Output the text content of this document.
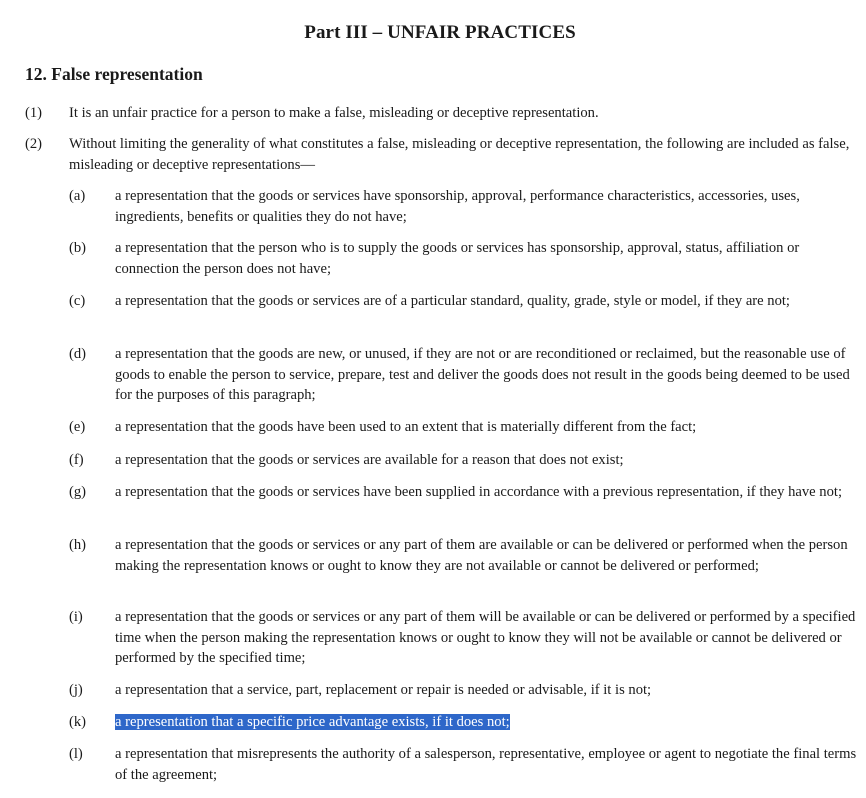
Part III – UNFAIR PRACTICES
12. False representation
(1) It is an unfair practice for a person to make a false, misleading or deceptive representation.
(2) Without limiting the generality of what constitutes a false, misleading or deceptive representation, the following are included as false, misleading or deceptive representations—
(a) a representation that the goods or services have sponsorship, approval, performance characteristics, accessories, uses, ingredients, benefits or qualities they do not have;
(b) a representation that the person who is to supply the goods or services has sponsorship, approval, status, affiliation or connection the person does not have;
(c) a representation that the goods or services are of a particular standard, quality, grade, style or model, if they are not;
(d) a representation that the goods are new, or unused, if they are not or are reconditioned or reclaimed, but the reasonable use of goods to enable the person to service, prepare, test and deliver the goods does not result in the goods being deemed to be used for the purposes of this paragraph;
(e) a representation that the goods have been used to an extent that is materially different from the fact;
(f) a representation that the goods or services are available for a reason that does not exist;
(g) a representation that the goods or services have been supplied in accordance with a previous representation, if they have not;
(h) a representation that the goods or services or any part of them are available or can be delivered or performed when the person making the representation knows or ought to know they are not available or cannot be delivered or performed;
(i) a representation that the goods or services or any part of them will be available or can be delivered or performed by a specified time when the person making the representation knows or ought to know they will not be available or cannot be delivered or performed by the specified time;
(j) a representation that a service, part, replacement or repair is needed or advisable, if it is not;
(k) a representation that a specific price advantage exists, if it does not;
(l) a representation that misrepresents the authority of a salesperson, representative, employee or agent to negotiate the final terms of the agreement;
